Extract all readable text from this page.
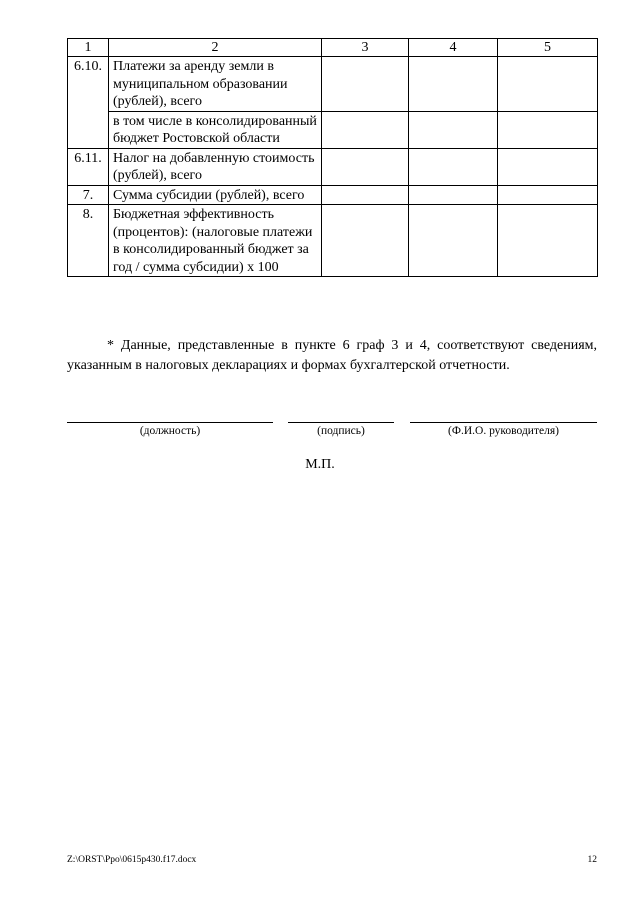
1	2	3	4	5
6.10.	Платежи за аренду земли в муниципальном образовании (рублей), всего			
	в том числе в консолидированный бюджет Ростовской области			
6.11.	Налог на добавленную стоимость (рублей), всего			
7.	Сумма субсидии (рублей), всего			
8.	Бюджетная эффективность (процентов): (налоговые платежи в консолидированный бюджет за год / сумма субсидии) х 100			

* Данные, представленные в пункте 6 граф 3 и 4, соответствуют сведениям, указанным в налоговых декларациях и формах бухгалтерской отчетности.

(должность)	(подпись)	(Ф.И.О. руководителя)
М.П.
Z:\ORST\Ppo\0615p430.f17.docx	12
